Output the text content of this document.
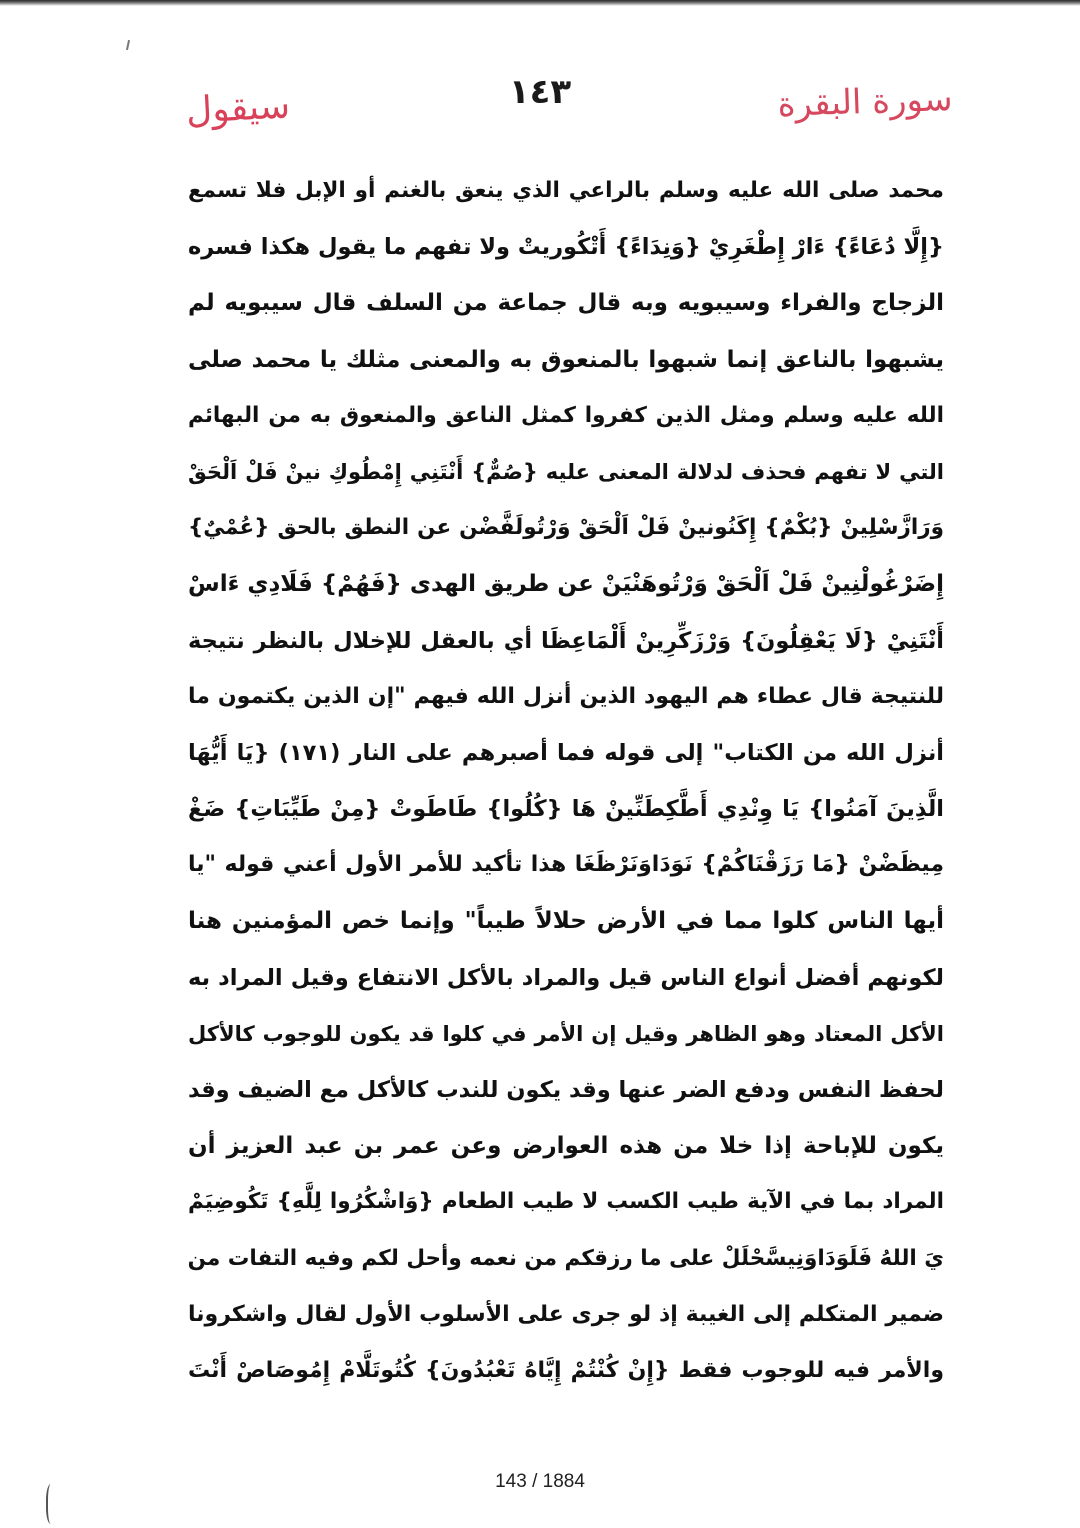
سورة البقرة
١٤٣
سيقول
محمد صلى الله عليه وسلم بالراعي الذي ينعق بالغنم أو الإبل فلا تسمع
{إِلَّا دُعَاءً} ءَارْ إِطْغَرِيْ {وَنِدَاءً} أَتْكُوريتْ ولا تفهم ما يقول هكذا فسره
الزجاج والفراء وسيبويه وبه قال جماعة من السلف قال سيبويه لم
يشبهوا بالناعق إنما شبهوا بالمنعوق به والمعنى مثلك يا محمد صلى
الله عليه وسلم ومثل الذين كفروا كمثل الناعق والمنعوق به من البهائم
التي لا تفهم فحذف لدلالة المعنى عليه {صُمٌّ} أَنْتَنِي إِمْطُوكِ نينْ فَلْ اَلْحَقْ
وَرَازَّسْلِينْ {بُكْمٌ} إِكَنُونينْ فَلْ اَلْحَقْ وَرْتُولَفَّضْن عن النطق بالحق {عُمْيٌ}
إِضَرْغُولْنِينْ فَلْ اَلْحَقْ وَرْتُوهَنْيَنْ عن طريق الهدى {فَهُمْ} فَلَادِي ءَاسْ
أَنْتَنِيْ {لَا يَعْقِلُونَ} وَرْزَكِّرِينْ أَلْمَاعِظَا أي بالعقل للإخلال بالنظر نتيجة
للنتيجة قال عطاء هم اليهود الذين أنزل الله فيهم "إن الذين يكتمون ما
أنزل الله من الكتاب" إلى قوله فما أصبرهم على النار (١٧١) {يَا أَيُّهَا
الَّذِينَ آمَنُوا} يَا وِنْدِي أَطَّكِطَنِّينْ هَا {كُلُوا} طَاطَوتْ {مِنْ طَيِّبَاتِ} ضَغْ
مِيظَضْنْ {مَا رَزَقْنَاكُمْ} نَوَدَاوَنَرْظَغَا هذا تأكيد للأمر الأول أعني قوله "يا
أيها الناس كلوا مما في الأرض حلالاً طيباً" وإنما خص المؤمنين هنا
لكونهم أفضل أنواع الناس قيل والمراد بالأكل الانتفاع وقيل المراد به
الأكل المعتاد وهو الظاهر وقيل إن الأمر في كلوا قد يكون للوجوب كالأكل
لحفظ النفس ودفع الضر عنها وقد يكون للندب كالأكل مع الضيف وقد
يكون للإباحة إذا خلا من هذه العوارض وعن عمر بن عبد العزيز أن
المراد بما في الآية طيب الكسب لا طيب الطعام {وَاشْكُرُوا لِلَّهِ} تَكُوضِيَمْ
يَ اللهُ فَلَوَدَاوَنِيسَّحْلَلْ على ما رزقكم من نعمه وأحل لكم وفيه التفات من
ضمير المتكلم إلى الغيبة إذ لو جرى على الأسلوب الأول لقال واشكرونا
والأمر فيه للوجوب فقط {إِنْ كُنْتُمْ إِيَّاهُ تَعْبُدُونَ} كُتُوتَلَّامْ إِمُوصَاصْ أَنْتَ
143 / 1884
